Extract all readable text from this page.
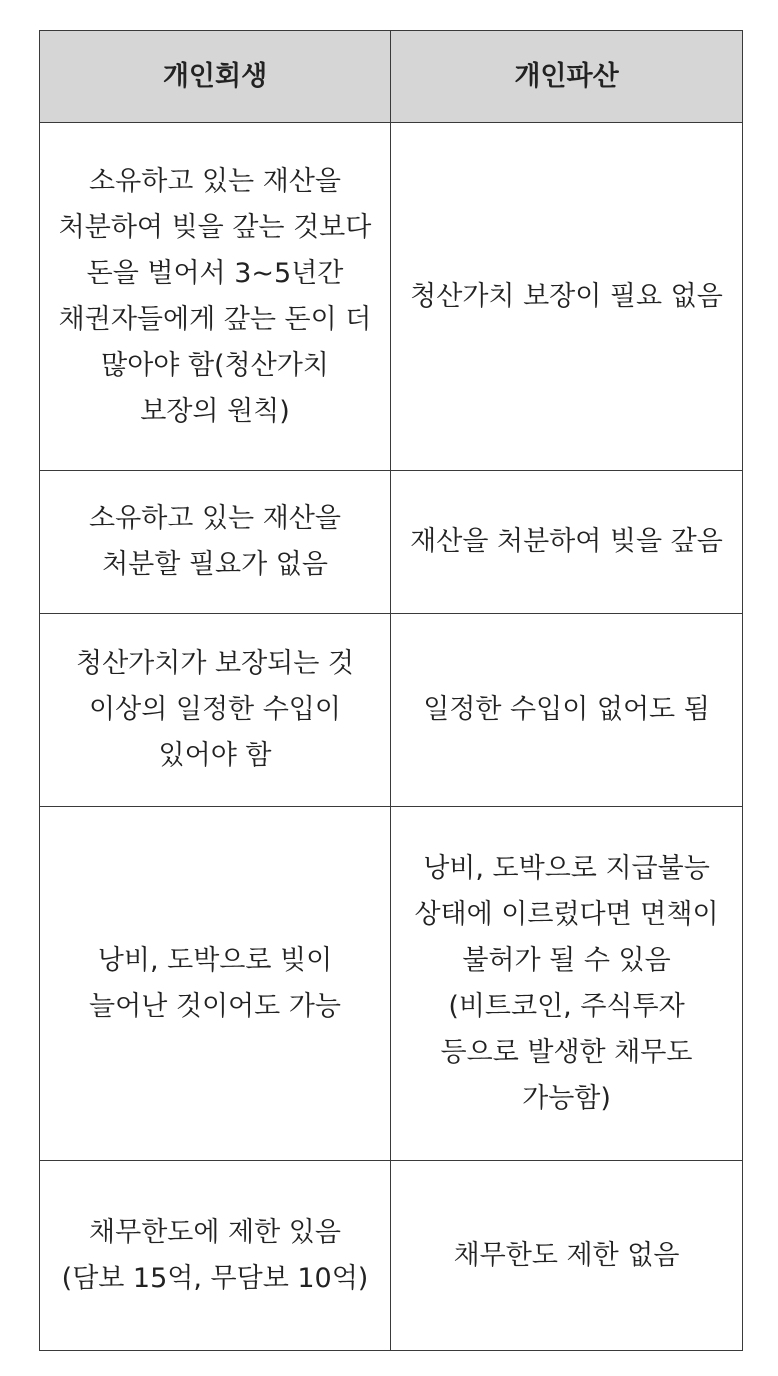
개인회생	개인파산
소유하고 있는 재산을 처분하여 빚을 갚는 것보다 돈을 벌어서 3~5년간 채권자들에게 갚는 돈이 더 많아야 함(청산가치 보장의 원칙)	청산가치 보장이 필요 없음
소유하고 있는 재산을 처분할 필요가 없음	재산을 처분하여 빚을 갚음
청산가치가 보장되는 것 이상의 일정한 수입이 있어야 함	일정한 수입이 없어도 됨
낭비, 도박으로 빚이 늘어난 것이어도 가능	낭비, 도박으로 지급불능 상태에 이르렀다면 면책이 불허가 될 수 있음(비트코인, 주식투자 등으로 발생한 채무도 가능함)
채무한도에 제한 있음(담보 15억, 무담보 10억)	채무한도 제한 없음
